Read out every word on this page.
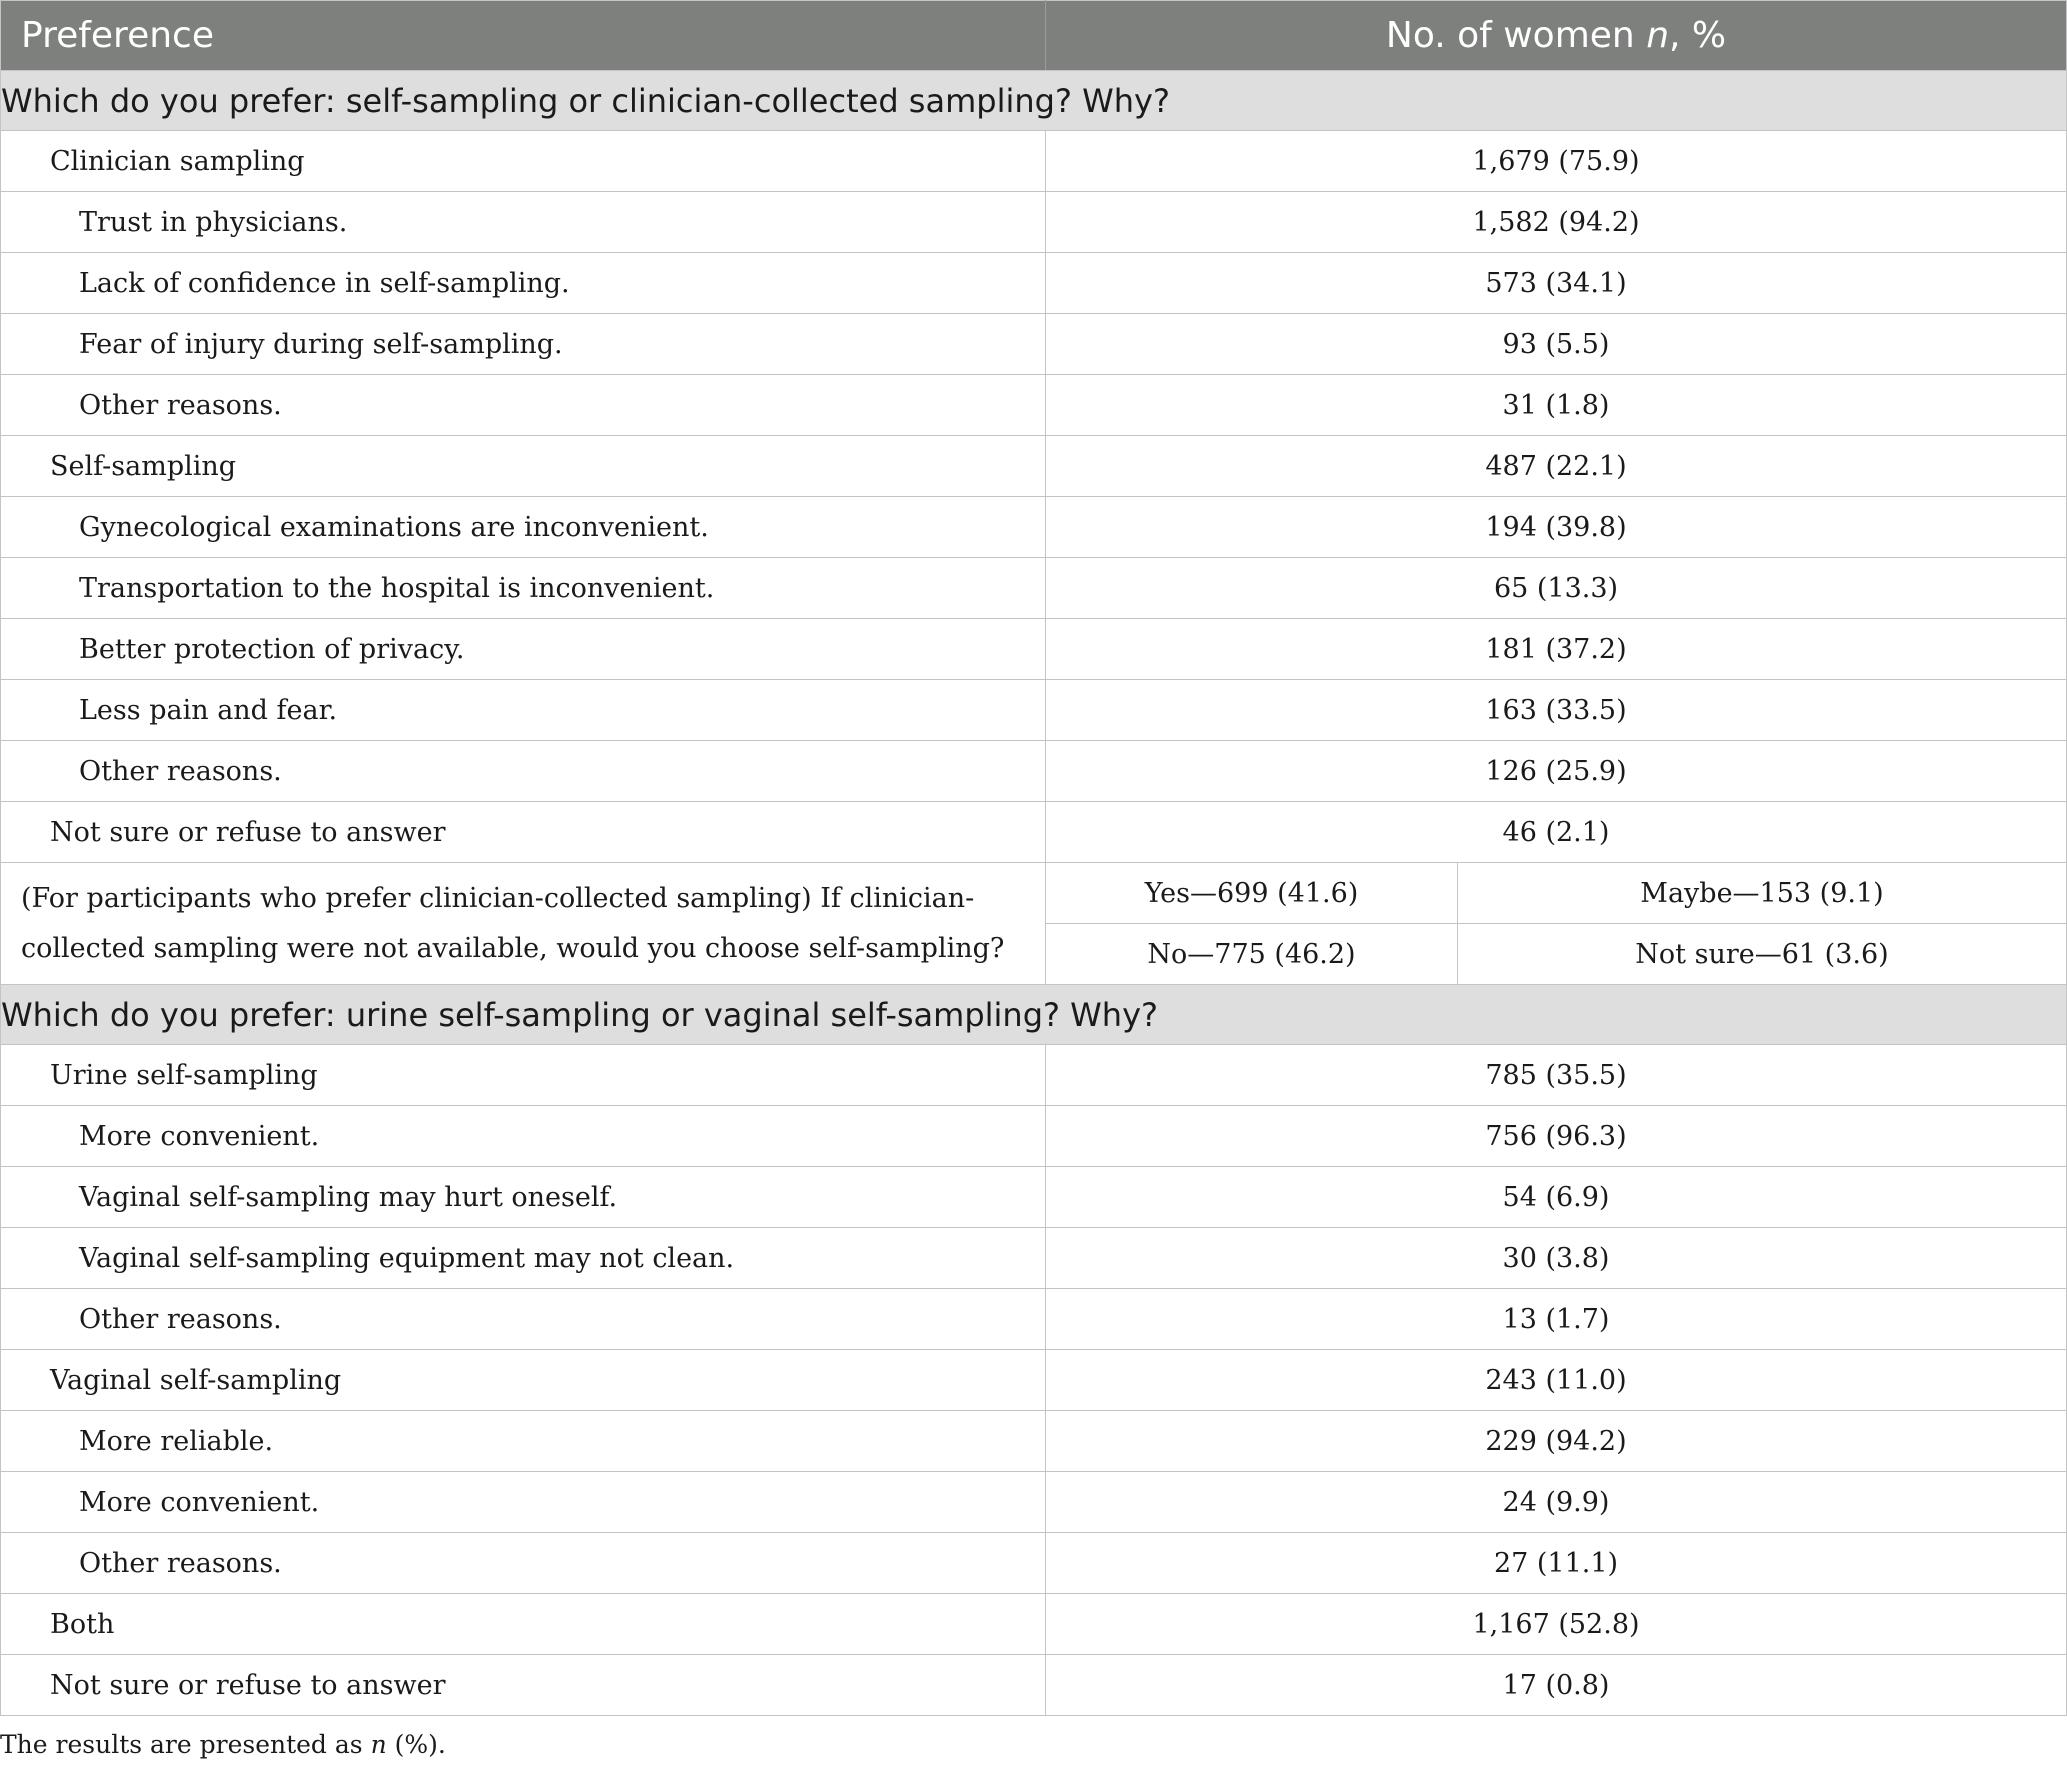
Preference	No. of women n, %	
Which do you prefer: self-sampling or clinician-collected sampling? Why?		
Clinician sampling	1,679 (75.9)	
Trust in physicians.	1,582 (94.2)	
Lack of confidence in self-sampling.	573 (34.1)	
Fear of injury during self-sampling.	93 (5.5)	
Other reasons.	31 (1.8)	
Self-sampling	487 (22.1)	
Gynecological examinations are inconvenient.	194 (39.8)	
Transportation to the hospital is inconvenient.	65 (13.3)	
Better protection of privacy.	181 (37.2)	
Less pain and fear.	163 (33.5)	
Other reasons.	126 (25.9)	
Not sure or refuse to answer	46 (2.1)	
(For participants who prefer clinician-collected sampling) If clinician-collected sampling were not available, would you choose self-sampling?	Yes—699 (41.6)	Maybe—153 (9.1)
	No—775 (46.2)	Not sure—61 (3.6)
Which do you prefer: urine self-sampling or vaginal self-sampling? Why?		
Urine self-sampling	785 (35.5)	
More convenient.	756 (96.3)	
Vaginal self-sampling may hurt oneself.	54 (6.9)	
Vaginal self-sampling equipment may not clean.	30 (3.8)	
Other reasons.	13 (1.7)	
Vaginal self-sampling	243 (11.0)	
More reliable.	229 (94.2)	
More convenient.	24 (9.9)	
Other reasons.	27 (11.1)	
Both	1,167 (52.8)	
Not sure or refuse to answer	17 (0.8)	
The results are presented as n (%).
